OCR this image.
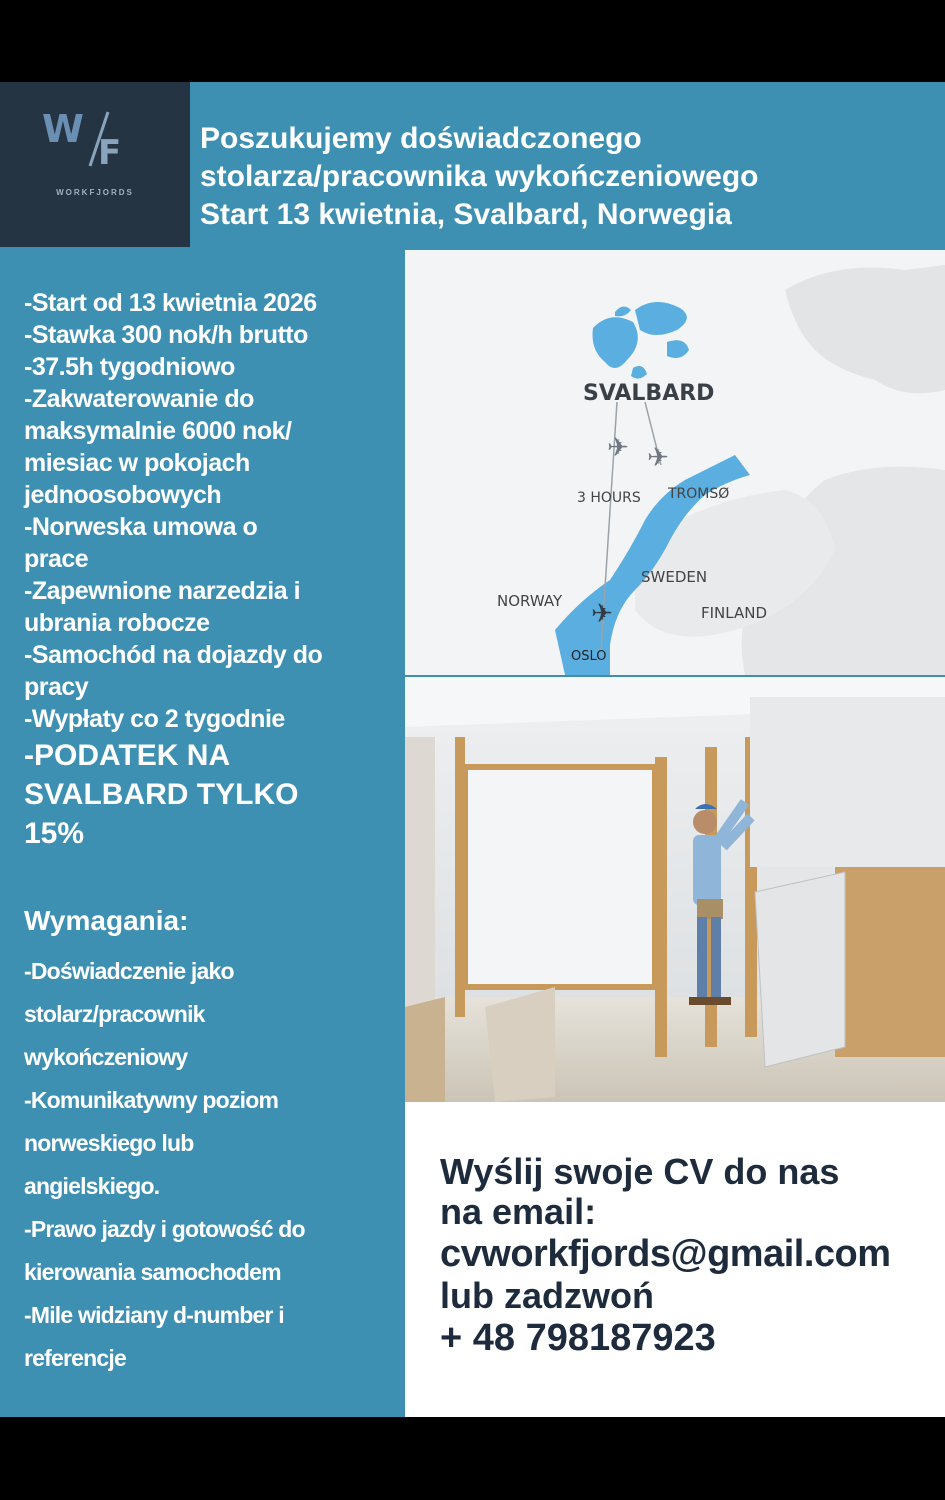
W
F
WORKFJORDS
Poszukujemy doświadczonego
stolarza/pracownika wykończeniowego
Start 13 kwietnia, Svalbard, Norwegia
-Start od 13 kwietnia 2026
-Stawka 300 nok/h brutto
-37.5h tygodniowo
-Zakwaterowanie do
maksymalnie 6000 nok/
miesiac w pokojach
jednoosobowych
-Norweska umowa o
prace
-Zapewnione narzedzia i
ubrania robocze
-Samochód na dojazdy do
pracy
-Wypłaty co 2 tygodnie
-PODATEK NA
SVALBARD TYLKO
15%
Wymagania:
-Doświadczenie jako
stolarz/pracownik
wykończeniowy
-Komunikatywny poziom
norweskiego lub
angielskiego.
-Prawo jazdy i gotowość do
kierowania samochodem
-Mile widziany d-number i
referencje
✈ ✈
✈
SVALBARD
3 HOURS TROMSØ
SWEDEN
NORWAY
FINLAND
OSLO
Wyślij swoje CV do nas
na email:
cvworkfjords@gmail.com
lub zadzwoń
+ 48 798187923
